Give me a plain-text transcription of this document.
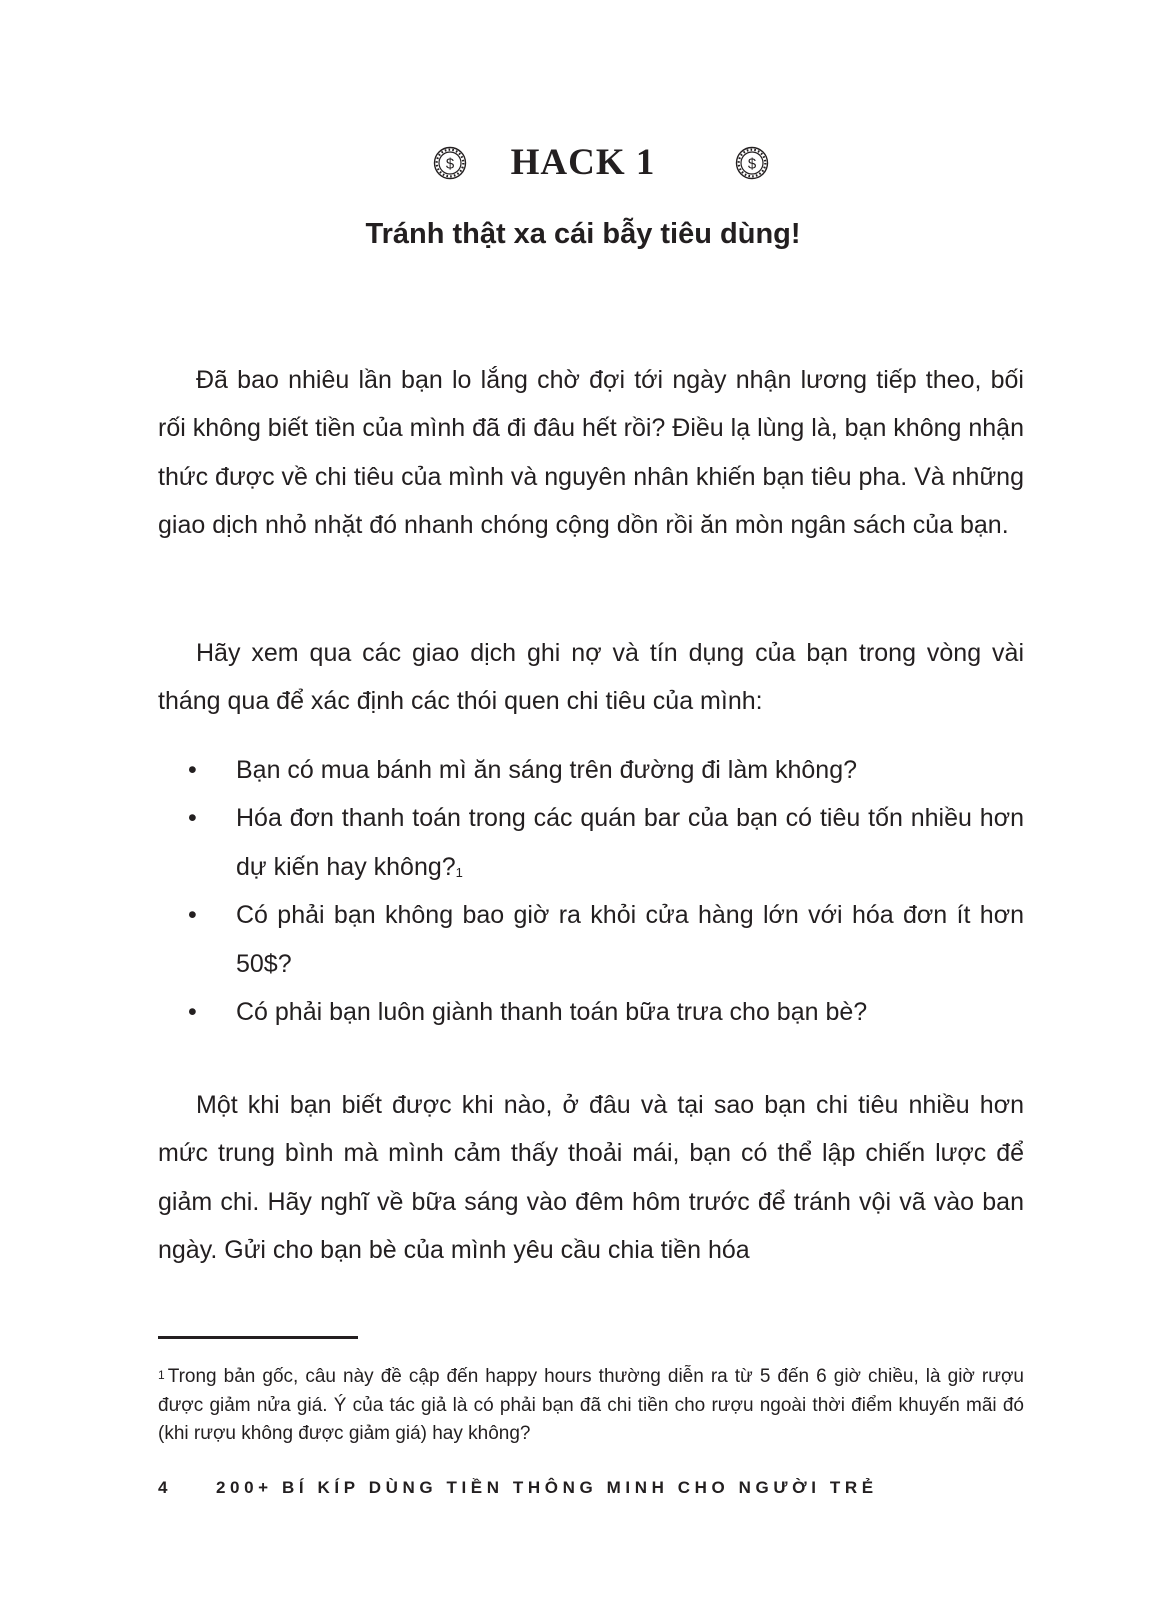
$	HACK 1	$
Tránh thật xa cái bẫy tiêu dùng!

Đã bao nhiêu lần bạn lo lắng chờ đợi tới ngày nhận lương tiếp theo, bối rối không biết tiền của mình đã đi đâu hết rồi? Điều lạ lùng là, bạn không nhận thức được về chi tiêu của mình và nguyên nhân khiến bạn tiêu pha. Và những giao dịch nhỏ nhặt đó nhanh chóng cộng dồn rồi ăn mòn ngân sách của bạn.

Hãy xem qua các giao dịch ghi nợ và tín dụng của bạn trong vòng vài tháng qua để xác định các thói quen chi tiêu của mình:

• Bạn có mua bánh mì ăn sáng trên đường đi làm không?
• Hóa đơn thanh toán trong các quán bar của bạn có tiêu tốn nhiều hơn dự kiến hay không?$^1$
• Có phải bạn không bao giờ ra khỏi cửa hàng lớn với hóa đơn ít hơn 50$?
• Có phải bạn luôn giành thanh toán bữa trưa cho bạn bè?

Một khi bạn biết được khi nào, ở đâu và tại sao bạn chi tiêu nhiều hơn mức trung bình mà mình cảm thấy thoải mái, bạn có thể lập chiến lược để giảm chi. Hãy nghĩ về bữa sáng vào đêm hôm trước để tránh vội vã vào ban ngày. Gửi cho bạn bè của mình yêu cầu chia tiền hóa

$^1$ Trong bản gốc, câu này đề cập đến happy hours thường diễn ra từ 5 đến 6 giờ chiều, là giờ rượu được giảm nửa giá. Ý của tác giả là có phải bạn đã chi tiền cho rượu ngoài thời điểm khuyến mãi đó (khi rượu không được giảm giá) hay không?

4	200+ BÍ KÍP DÙNG TIỀN THÔNG MINH CHO NGƯỜI TRẺ
